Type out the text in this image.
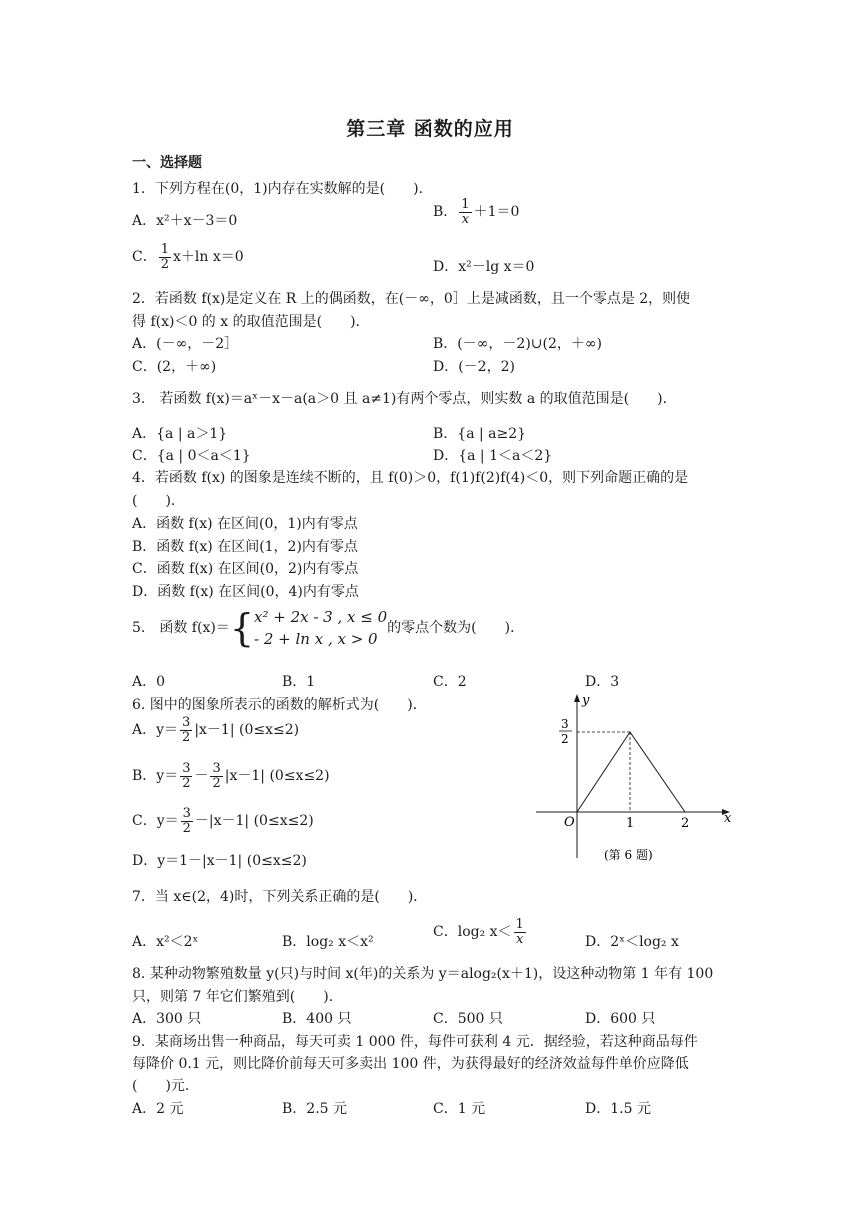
第三章 函数的应用
一、选择题
1．下列方程在(0，1)内存在实数解的是(　　)．
A．x²＋x－3＝0
B． $\frac{1}{x} +1=0$
C． $\frac{1}{2} x+\ln$ x＝0
D．x²－lg x＝0
2．若函数 f(x)是定义在 R 上的偶函数，在(－∞，0］上是减函数，且一个零点是 2，则使
得 f(x)＜0 的 x 的取值范围是(　　)．
A．(－∞，－2］	B．(－∞，－2)∪(2，＋∞)
C．(2，＋∞)	D．(－2，2)
3.　若函数 f(x)＝aˣ－x－a(a＞0 且 a≠1)有两个零点，则实数 a 的取值范围是(　　)．
A．{a | a＞1}	B．{a | a≥2}
C．{a | 0＜a＜1}	D．{a | 1＜a＜2}
4．若函数 f(x) 的图象是连续不断的，且 f(0)＞0，f(1)f(2)f(4)＜0，则下列命题正确的是
(　　)．
A．函数 f(x) 在区间(0，1)内有零点
B．函数 f(x) 在区间(1，2)内有零点
C．函数 f(x) 在区间(0，2)内有零点
D．函数 f(x) 在区间(0，4)内有零点
5.　函数 f(x)＝{ x² + 2x - 3 , x ≤ 0
- 2 + ln x , x > 0
的零点个数为(　　)．
A．0	B．1	C．2	D．3
6. 图中的图象所表示的函数的解析式为(　　)．
A．$y= \frac{3}{2} |x-1|$ (0≤x≤2)
B．$y= \frac{3}{2} - \frac{3}{2} |x-1|$ (0≤x≤2)
C．$y= \frac{3}{2} -|x-1|$ (0≤x≤2)
D．y＝1－|x－1| (0≤x≤2)
y
x
O	1	2
3
2
(第 6 题)
7．当 x∈(2，4)时，下列关系正确的是(　　)．
A．x²＜2ˣ	B．log₂ x＜x²
C．log₂ $x< \frac{1}{x}$	D．2ˣ＜log₂ x
8. 某种动物繁殖数量 y(只)与时间 x(年)的关系为 y＝alog₂(x＋1)，设这种动物第 1 年有 100
只，则第 7 年它们繁殖到(　　)．
A．300 只	B．400 只	C．500 只	D．600 只
9．某商场出售一种商品，每天可卖 1 000 件，每件可获利 4 元．据经验，若这种商品每件
每降价 0.1 元，则比降价前每天可多卖出 100 件，为获得最好的经济效益每件单价应降低
(　　)元．
A．2 元	B．2.5 元	C．1 元	D．1.5 元
